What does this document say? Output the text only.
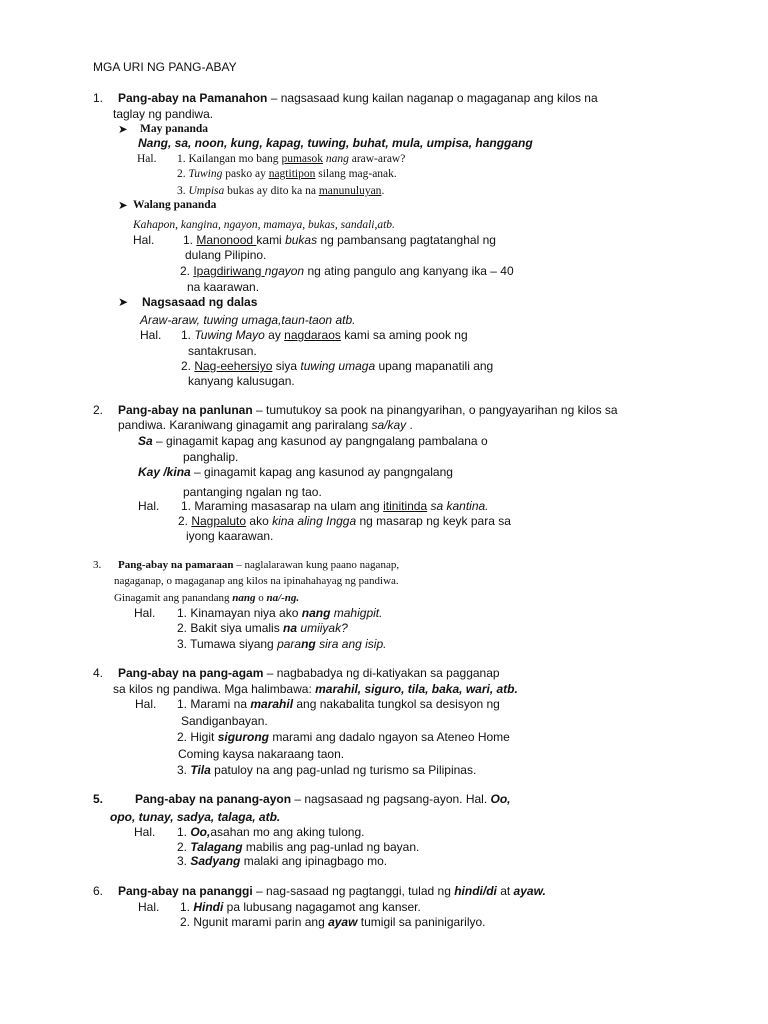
MGA URI NG PANG-ABAY
1. Pang-abay na Pamanahon – nagsasaad kung kailan naganap o magaganap ang kilos na
taglay ng pandiwa.
➤ May pananda
Nang, sa, noon, kung, kapag, tuwing, buhat, mula, umpisa, hanggang
Hal. 1. Kailangan mo bang pumasok nang araw-araw?
2. Tuwing pasko ay nagtitipon silang mag-anak.
3. Umpisa bukas ay dito ka na manunuluyan.
➤ Walang pananda
Kahapon, kangina, ngayon, mamaya, bukas, sandali,atb.
Hal. 1. Manonood kami bukas ng pambansang pagtatanghal ng
dulang Pilipino.
2. Ipagdiriwang ngayon ng ating pangulo ang kanyang ika – 40
na kaarawan.
➤ Nagsasaad ng dalas
Araw-araw, tuwing umaga,taun-taon atb.
Hal. 1. Tuwing Mayo ay nagdaraos kami sa aming pook ng
santakrusan.
2. Nag-eehersiyo siya tuwing umaga upang mapanatili ang
kanyang kalusugan.
2. Pang-abay na panlunan – tumutukoy sa pook na pinangyarihan, o pangyayarihan ng kilos sa
pandiwa. Karaniwang ginagamit ang pariralang sa/kay .
Sa – ginagamit kapag ang kasunod ay pangngalang pambalana o
panghalip.
Kay /kina – ginagamit kapag ang kasunod ay pangngalang
pantanging ngalan ng tao.
Hal. 1. Maraming masasarap na ulam ang itinitinda sa kantina.
2. Nagpaluto ako kina aling Ingga ng masarap ng keyk para sa
iyong kaarawan.
3. Pang-abay na pamaraan – naglalarawan kung paano naganap,
nagaganap, o magaganap ang kilos na ipinahahayag ng pandiwa.
Ginagamit ang panandang nang o na/-ng.
Hal. 1. Kinamayan niya ako nang mahigpit.
2. Bakit siya umalis na umiiyak?
3. Tumawa siyang parang sira ang isip.
4. Pang-abay na pang-agam – nagbabadya ng di-katiyakan sa pagganap
sa kilos ng pandiwa. Mga halimbawa: marahil, siguro, tila, baka, wari, atb.
Hal. 1. Marami na marahil ang nakabalita tungkol sa desisyon ng
Sandiganbayan.
2. Higit sigurong marami ang dadalo ngayon sa Ateneo Home
Coming kaysa nakaraang taon.
3. Tila patuloy na ang pag-unlad ng turismo sa Pilipinas.
5.	Pang-abay na panang-ayon – nagsasaad ng pagsang-ayon. Hal. Oo,
opo, tunay, sadya, talaga, atb.
Hal. 1. Oo,asahan mo ang aking tulong.
2. Talagang mabilis ang pag-unlad ng bayan.
3. Sadyang malaki ang ipinagbago mo.
6. Pang-abay na pananggi – nag-sasaad ng pagtanggi, tulad ng hindi/di at ayaw.
Hal. 1. Hindi pa lubusang nagagamot ang kanser.
2. Ngunit marami parin ang ayaw tumigil sa paninigarilyo.
